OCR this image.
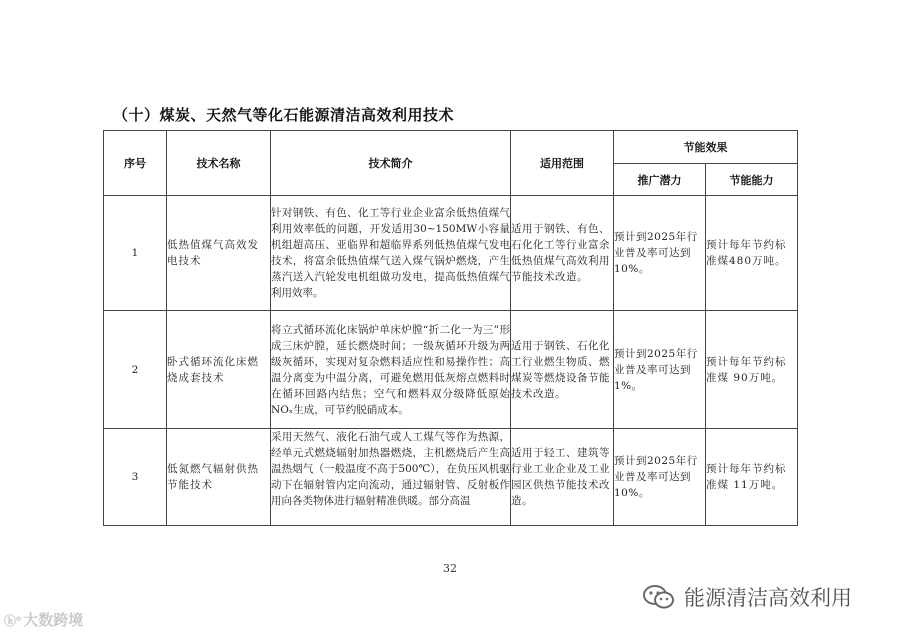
（十）煤炭、天然气等化石能源清洁高效利用技术
序号	技术名称	技术简介	适用范围	节能效果	
				推广潜力	节能能力
1	低热值煤气高效发电技术	针对钢铁、有色、化工等行业企业富余低热值煤气利用效率低的问题，开发适用30~150MW小容量机组超高压、亚临界和超临界系列低热值煤气发电技术，将富余低热值煤气送入煤气锅炉燃烧，产生蒸汽送入汽轮发电机组做功发电，提高低热值煤气利用效率。	适用于钢铁、有色、石化化工等行业富余低热值煤气高效利用节能技术改造。	预计到2025年行业普及率可达到10%。	预计每年节约标准煤480万吨。
2	卧式循环流化床燃烧成套技术	将立式循环流化床锅炉单床炉膛“折二化一为三”形成三床炉膛，延长燃烧时间；一级灰循环升级为两级灰循环，实现对复杂燃料适应性和易操作性；高温分离变为中温分离，可避免燃用低灰熔点燃料时在循环回路内结焦；空气和燃料双分级降低原始NOₓ生成，可节约脱硝成本。	适用于钢铁、石化化工行业燃生物质、燃煤炭等燃烧设备节能技术改造。	预计到2025年行业普及率可达到1%。	预计每年节约标准煤 90万吨。
3	低氮燃气辐射供热节能技术	采用天然气、液化石油气或人工煤气等作为热源，经单元式燃烧辐射加热器燃烧，主机燃烧后产生高温热烟气（一般温度不高于500℃），在负压风机驱动下在辐射管内定向流动，通过辐射管、反射板作用向各类物体进行辐射精准供暖。部分高温	适用于轻工、建筑等行业工业企业及工业园区供热节能技术改造。	预计到2025年行业普及率可达到10%。	预计每年节约标准煤 11万吨。
32
ⓚ⁰ 大数跨境
能源清洁高效利用
